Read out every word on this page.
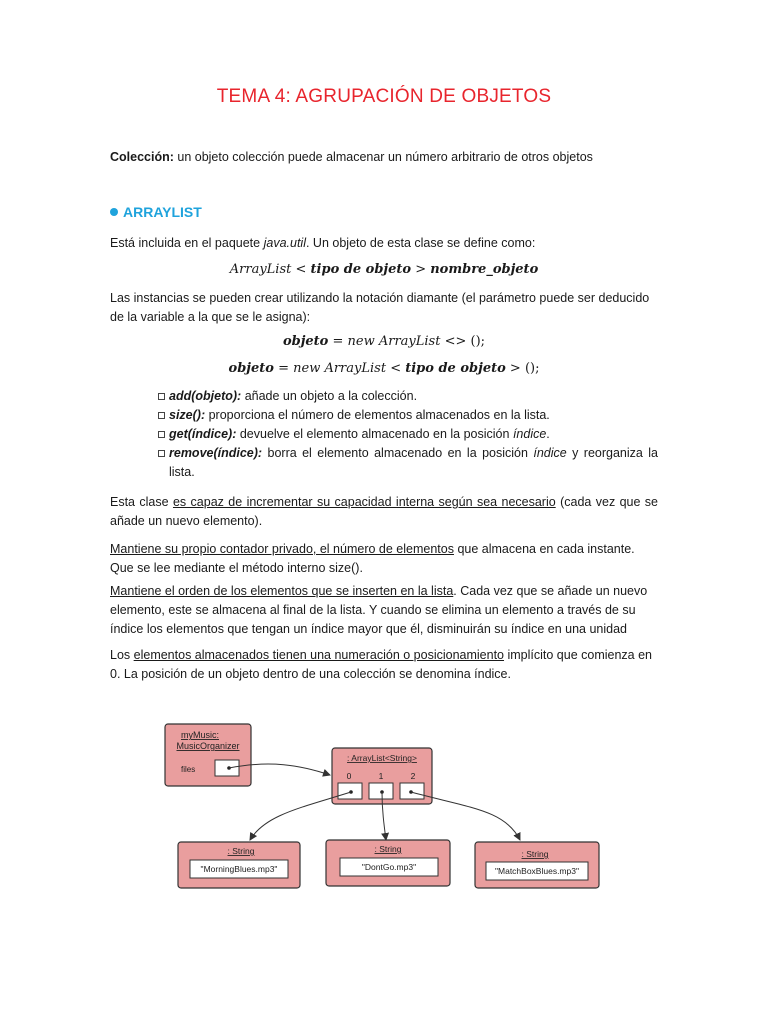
TEMA 4: AGRUPACIÓN DE OBJETOS
Colección: un objeto colección puede almacenar un número arbitrario de otros objetos
ARRAYLIST
Está incluida en el paquete java.util. Un objeto de esta clase se define como:
ArrayList < tipo de objeto > nombre_objeto
Las instancias se pueden crear utilizando la notación diamante (el parámetro puede ser deducido de la variable a la que se le asigna):
objeto = new ArrayList <> ();
objeto = new ArrayList < tipo de objeto > ();
add(objeto): añade un objeto a la colección.
size(): proporciona el número de elementos almacenados en la lista.
get(índice): devuelve el elemento almacenado en la posición índice.
remove(índice): borra el elemento almacenado en la posición índice y reorganiza la lista.
Esta clase es capaz de incrementar su capacidad interna según sea necesario (cada vez que se añade un nuevo elemento).
Mantiene su propio contador privado, el número de elementos que almacena en cada instante. Que se lee mediante el método interno size().
Mantiene el orden de los elementos que se inserten en la lista. Cada vez que se añade un nuevo elemento, este se almacena al final de la lista. Y cuando se elimina un elemento a través de su índice los elementos que tengan un índice mayor que él, disminuirán su índice en una unidad
Los elementos almacenados tienen una numeración o posicionamiento implícito que comienza en 0. La posición de un objeto dentro de una colección se denomina índice.
myMusic:
MusicOrganizer
files
: ArrayList<String>
0	1	2
: String
"MorningBlues.mp3"
: String
"DontGo.mp3"
: String
"MatchBoxBlues.mp3"
